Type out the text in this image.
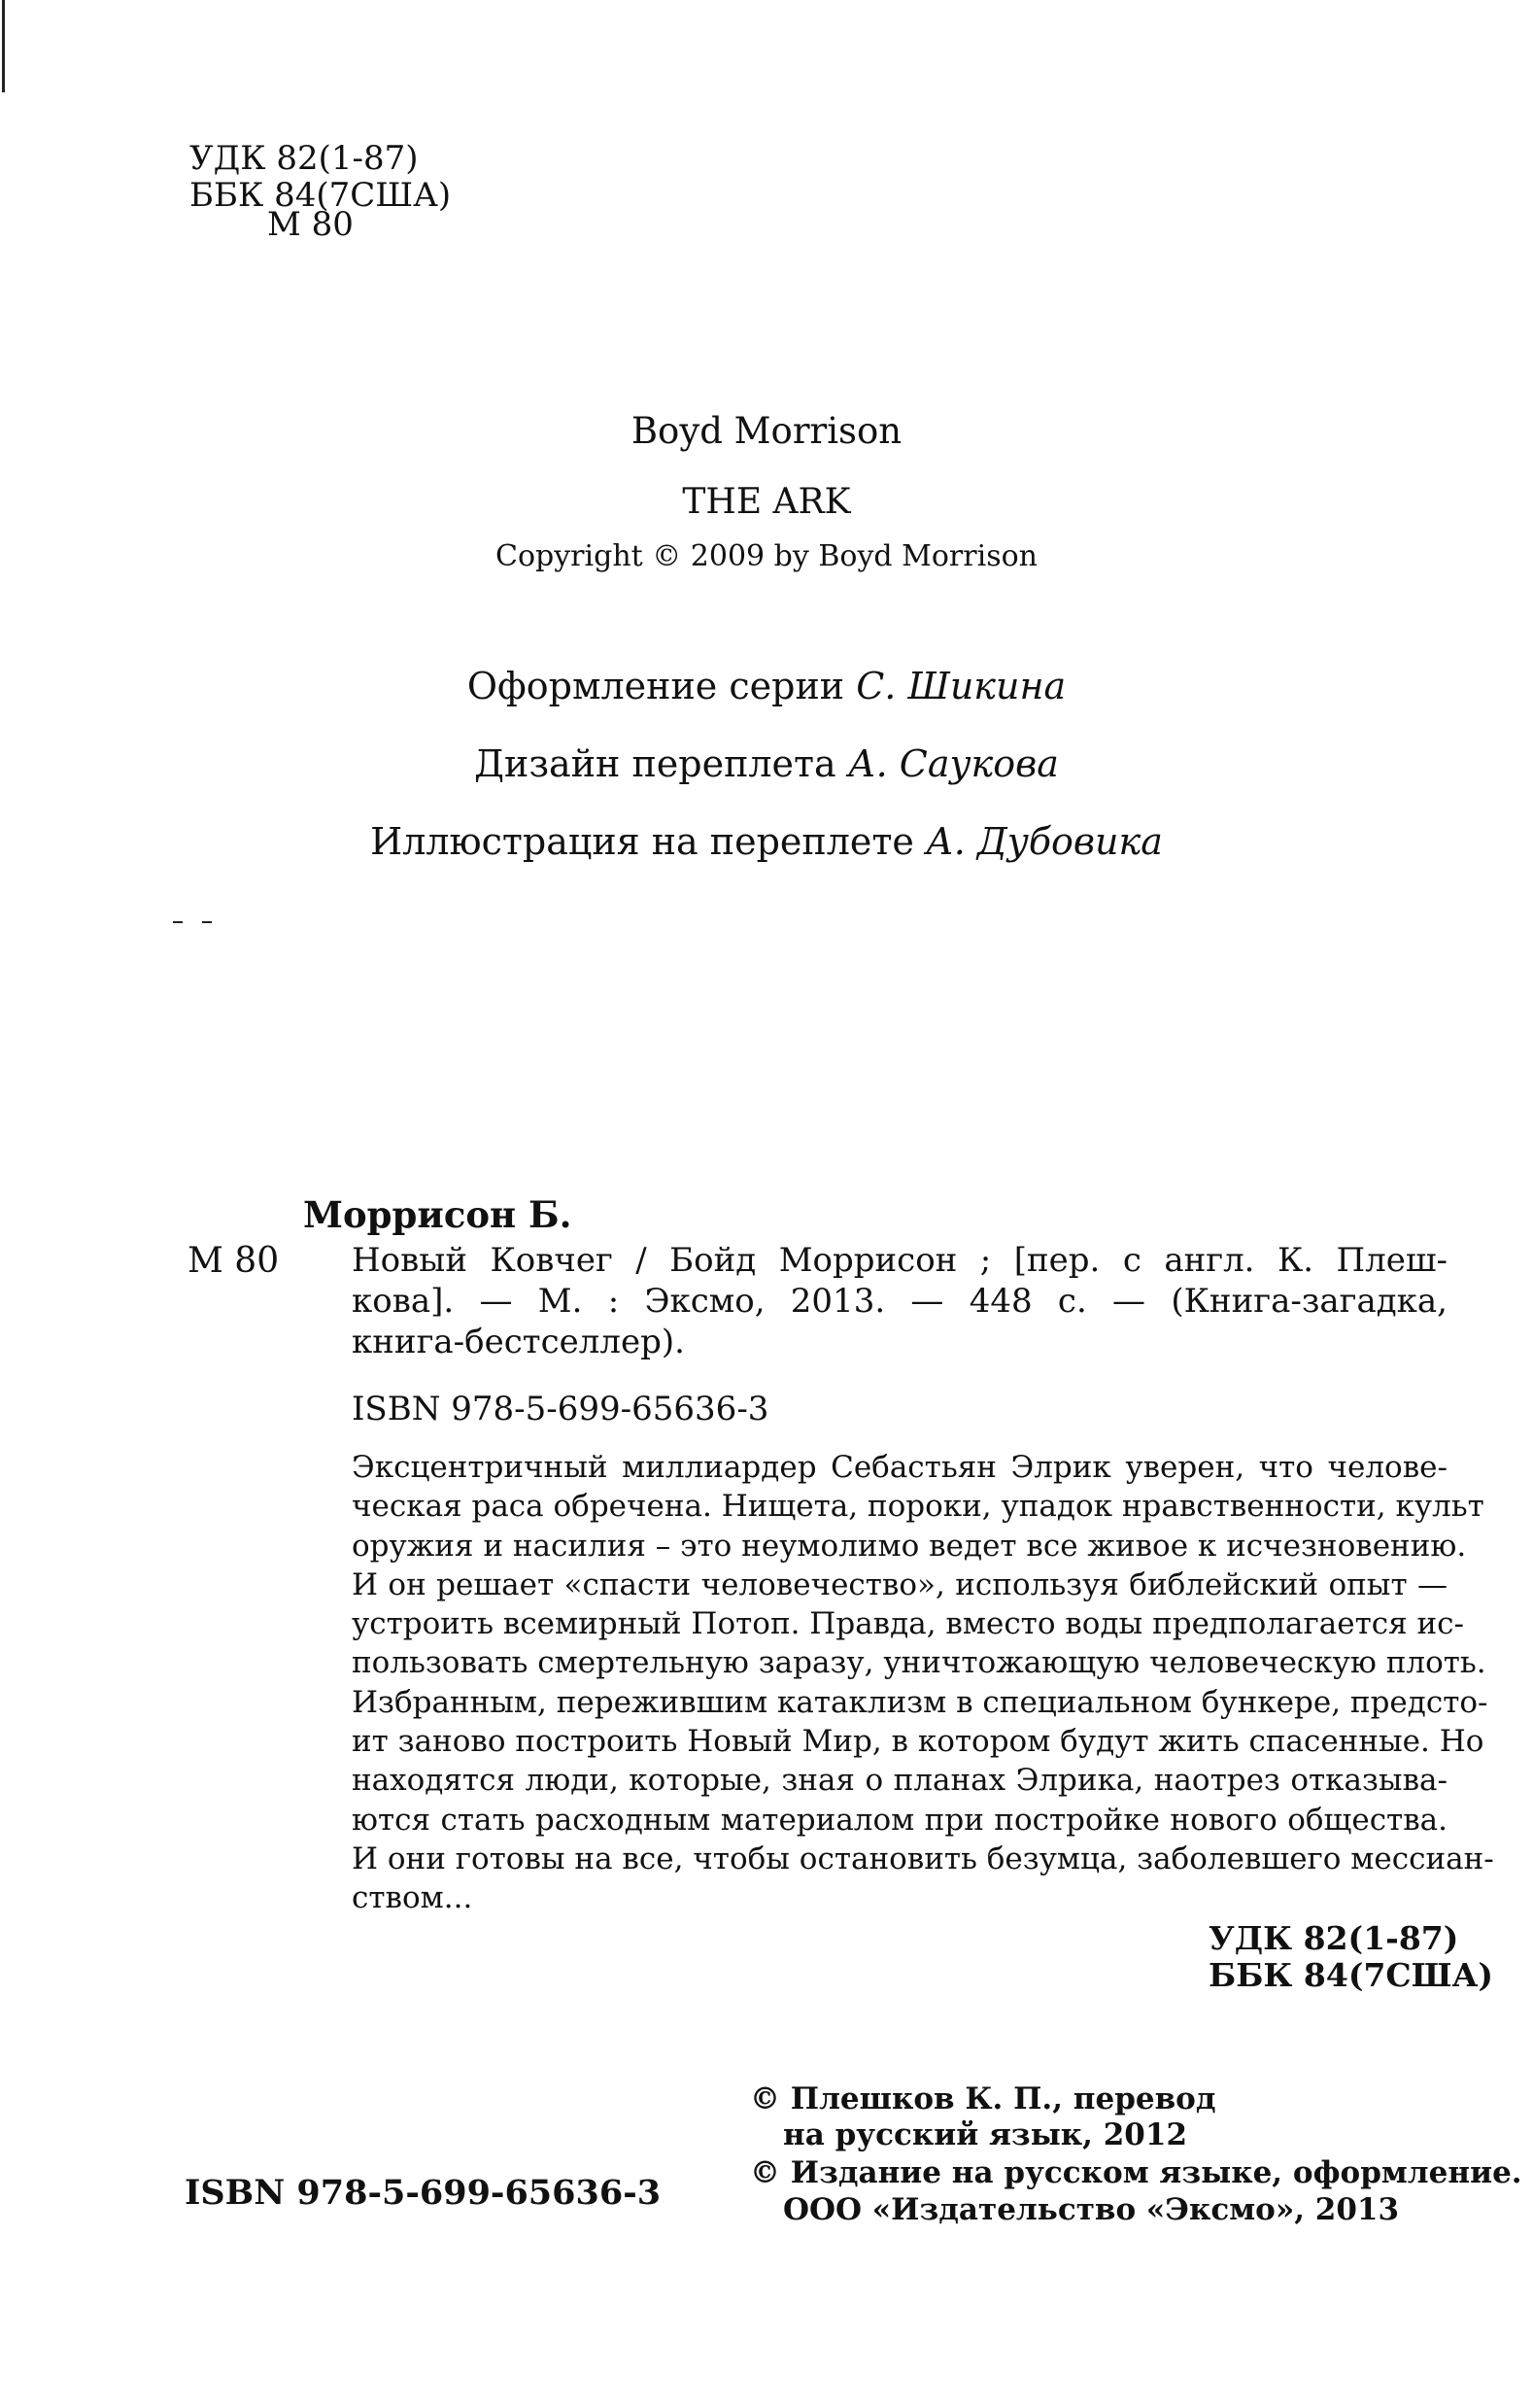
УДК 82(1-87)
ББК 84(7США)
М 80
Boyd Morrison
THE ARK
Copyright © 2009 by Boyd Morrison
Оформление серии С. Шикина
Дизайн переплета А. Саукова
Иллюстрация на переплете А. Дубовика
Моррисон Б.
М 80 Новый Ковчег / Бойд Моррисон ; [пер. с англ. К. Плеш-
кова]. — М. : Эксмо, 2013. — 448 с. — (Книга-загадка,
книга-бестселлер).
ISBN 978-5-699-65636-3
Эксцентричный миллиардер Себастьян Элрик уверен, что челове-
ческая раса обречена. Нищета, пороки, упадок нравственности, культ
оружия и насилия – это неумолимо ведет все живое к исчезновению.
И он решает «спасти человечество», используя библейский опыт —
устроить всемирный Потоп. Правда, вместо воды предполагается ис-
пользовать смертельную заразу, уничтожающую человеческую плоть.
Избранным, пережившим катаклизм в специальном бункере, предсто-
ит заново построить Новый Мир, в котором будут жить спасенные. Но
находятся люди, которые, зная о планах Элрика, наотрез отказыва-
ются стать расходным материалом при постройке нового общества.
И они готовы на все, чтобы остановить безумца, заболевшего мессиан-
ством...
УДК 82(1-87)
ББК 84(7США)
ISBN 978-5-699-65636-3
© Плешков К. П., перевод
на русский язык, 2012
© Издание на русском языке, оформление.
ООО «Издательство «Эксмо», 2013
